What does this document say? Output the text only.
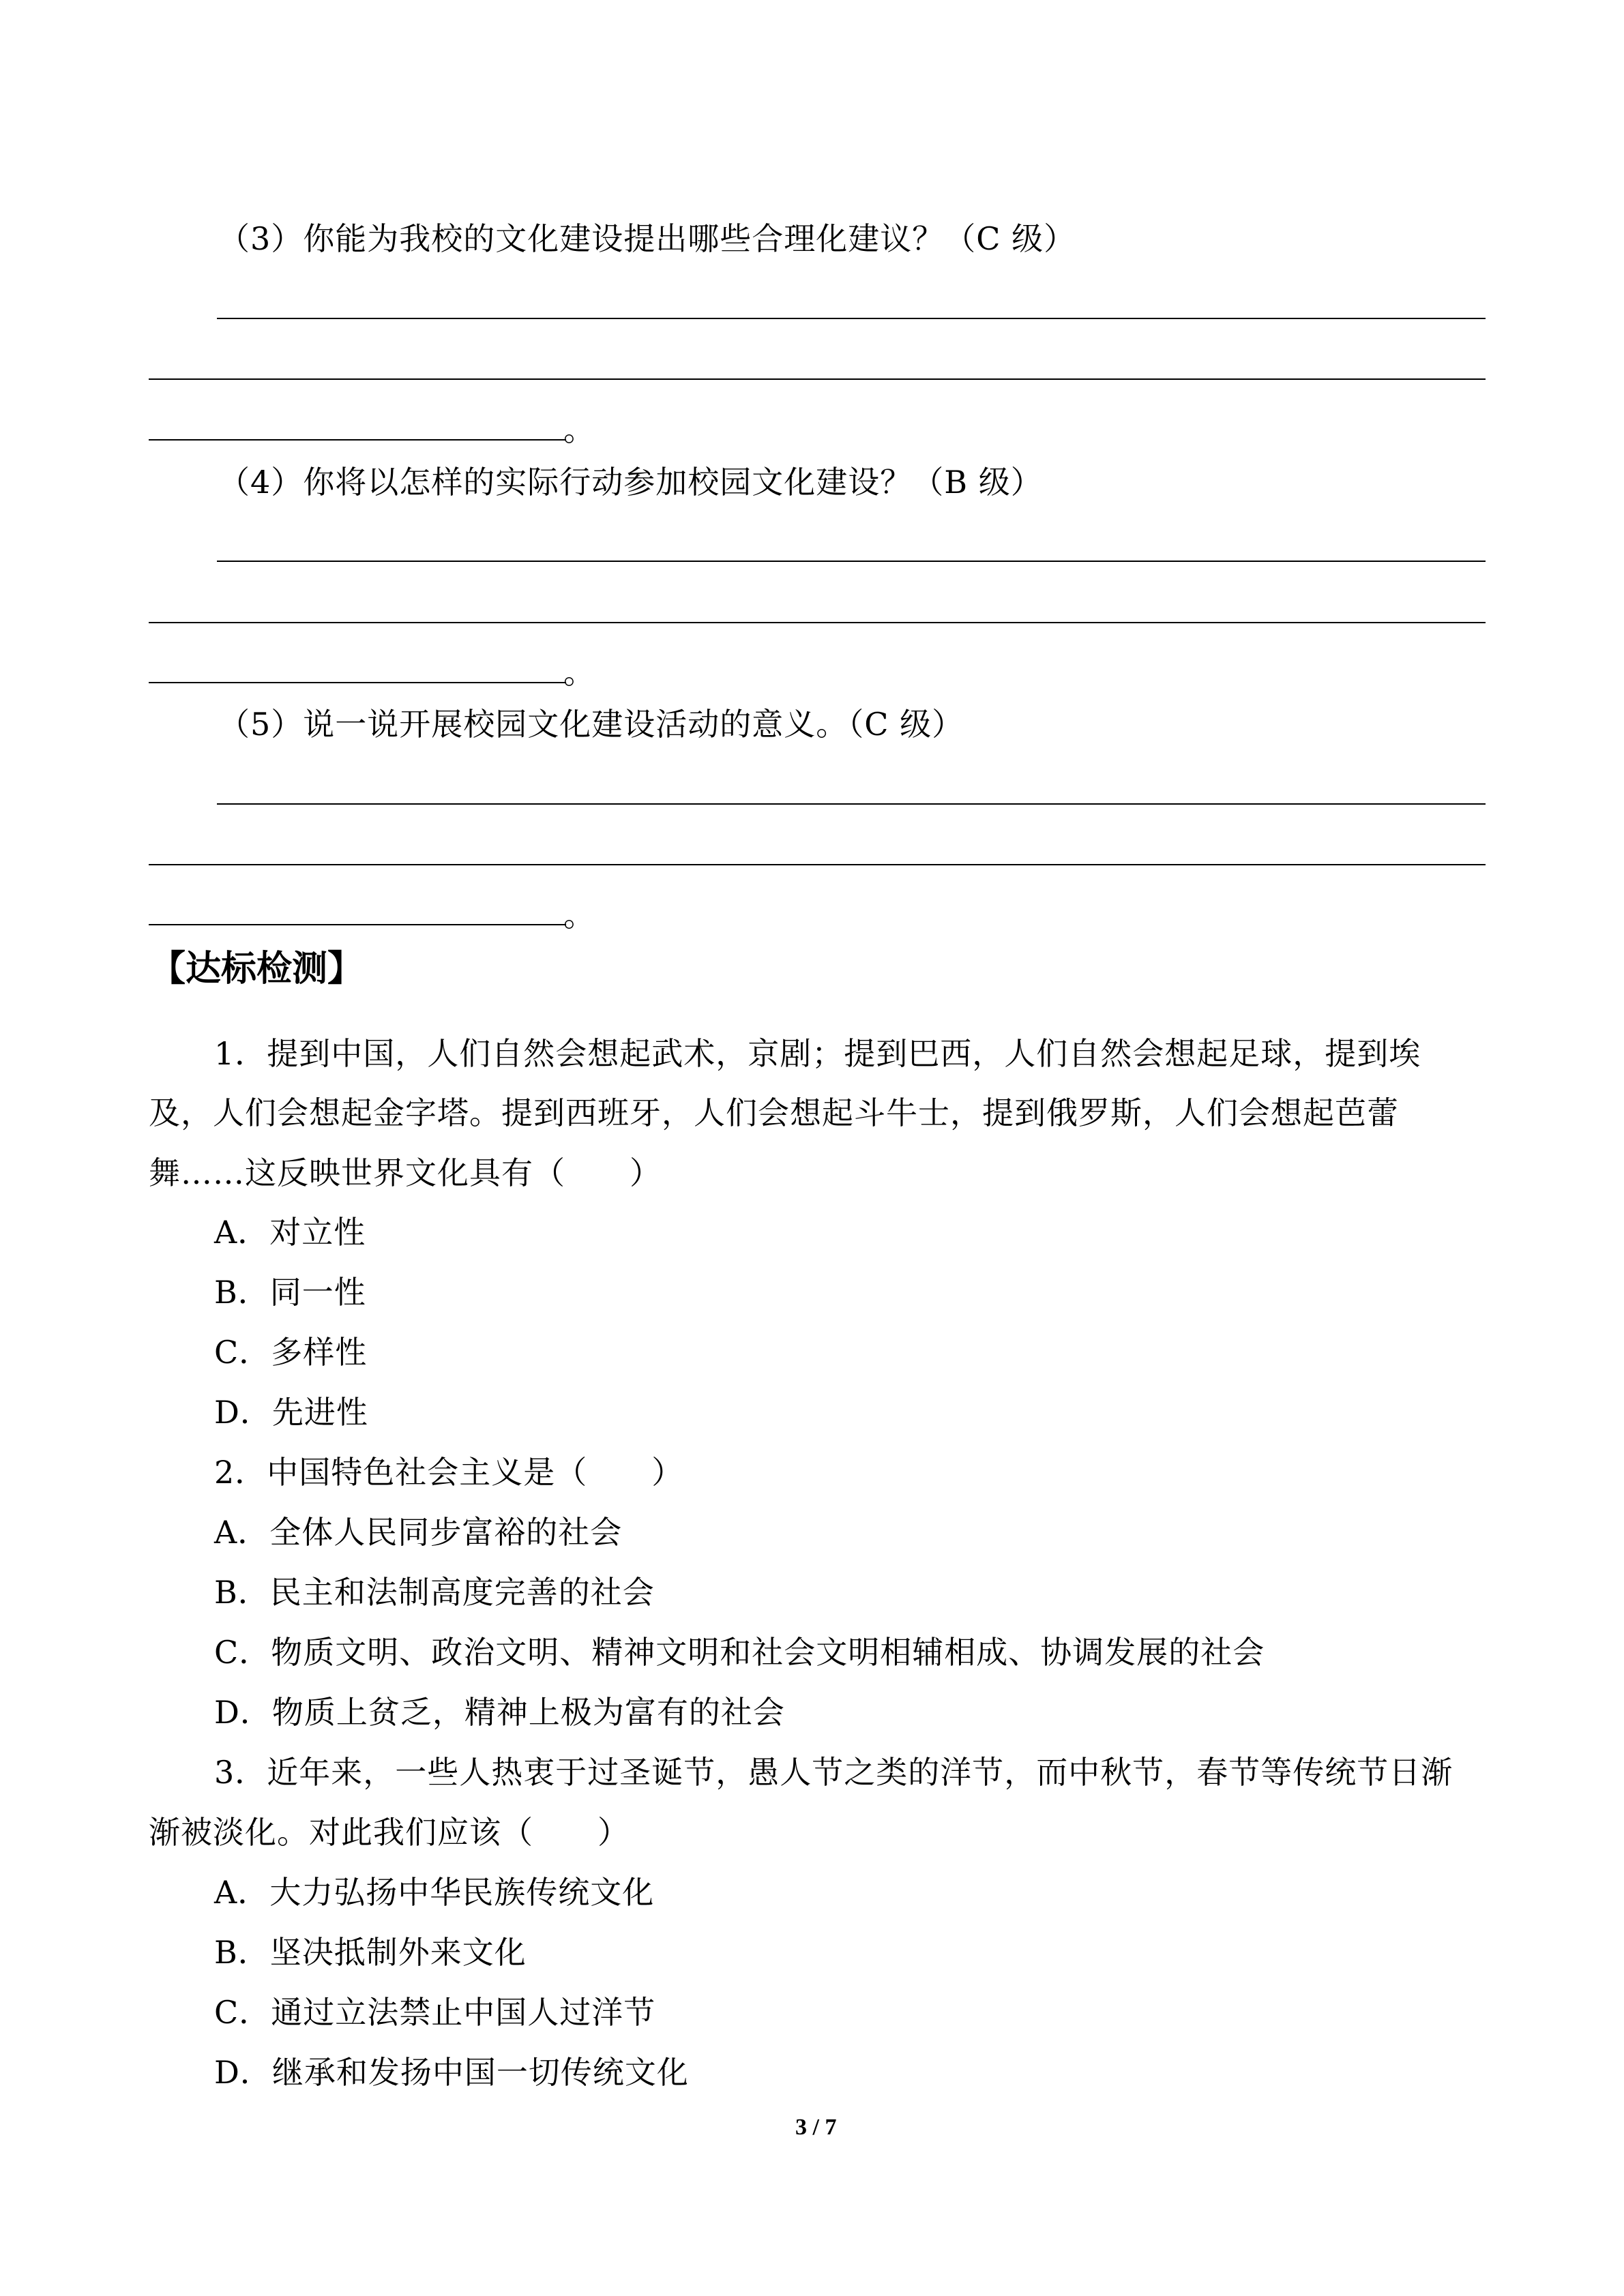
（3）你能为我校的文化建设提出哪些合理化建议？（C 级）
。
（4）你将以怎样的实际行动参加校园文化建设？（B 级）
。
（5）说一说开展校园文化建设活动的意义。（C 级）
。
【达标检测】
1．提到中国，人们自然会想起武术，京剧；提到巴西，人们自然会想起足球，提到埃
及，人们会想起金字塔。提到西班牙，人们会想起斗牛士，提到俄罗斯，人们会想起芭蕾
舞……这反映世界文化具有（　　）
A．对立性
B．同一性
C．多样性
D．先进性
2．中国特色社会主义是（　　）
A．全体人民同步富裕的社会
B．民主和法制高度完善的社会
C．物质文明、政治文明、精神文明和社会文明相辅相成、协调发展的社会
D．物质上贫乏，精神上极为富有的社会
3．近年来，一些人热衷于过圣诞节，愚人节之类的洋节，而中秋节，春节等传统节日渐
渐被淡化。对此我们应该（　　）
A．大力弘扬中华民族传统文化
B．坚决抵制外来文化
C．通过立法禁止中国人过洋节
D．继承和发扬中国一切传统文化
3 / 7
